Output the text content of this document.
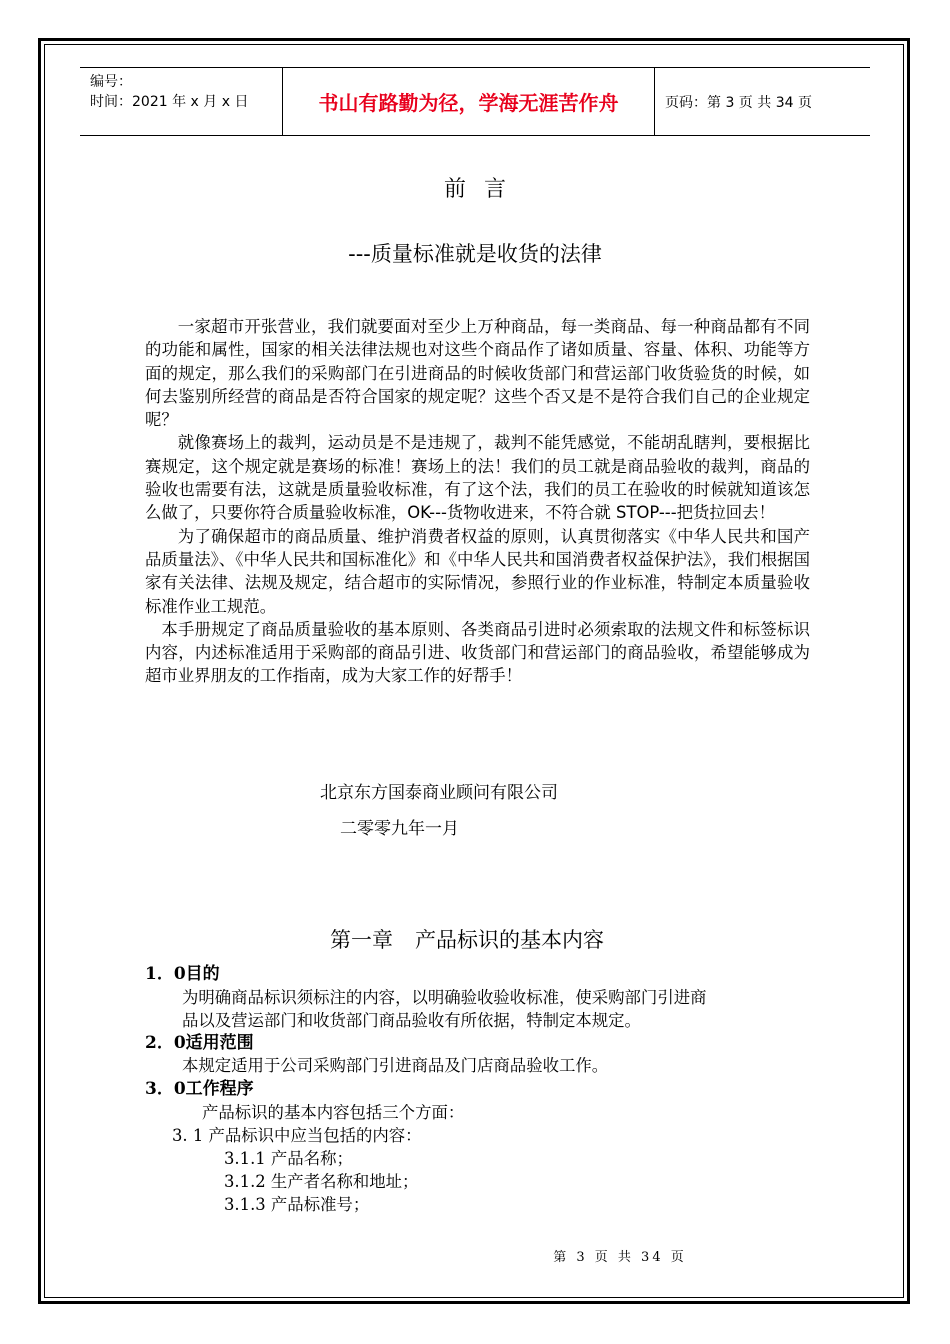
编号：
时间：2021 年 x 月 x 日	书山有路勤为径，学海无涯苦作舟	页码：第 3 页 共 34 页
前言
---质量标准就是收货的法律

一家超市开张营业，我们就要面对至少上万种商品，每一类商品、每一种商品都有不同的功能和属性，国家的相关法律法规也对这些个商品作了诸如质量、容量、体积、功能等方面的规定，那么我们的采购部门在引进商品的时候收货部门和营运部门收货验货的时候，如何去鉴别所经营的商品是否符合国家的规定呢？这些个否又是不是符合我们自己的企业规定呢？

就像赛场上的裁判，运动员是不是违规了，裁判不能凭感觉，不能胡乱瞎判，要根据比赛规定，这个规定就是赛场的标准！赛场上的法！我们的员工就是商品验收的裁判，商品的验收也需要有法，这就是质量验收标准，有了这个法，我们的员工在验收的时候就知道该怎么做了，只要你符合质量验收标准，OK---货物收进来，不符合就 STOP---把货拉回去！

为了确保超市的商品质量、维护消费者权益的原则，认真贯彻落实《中华人民共和国产品质量法》、《中华人民共和国标准化》和《中华人民共和国消费者权益保护法》，我们根据国家有关法律、法规及规定，结合超市的实际情况，参照行业的作业标准，特制定本质量验收标准作业工规范。

本手册规定了商品质量验收的基本原则、各类商品引进时必须索取的法规文件和标签标识内容，内述标准适用于采购部的商品引进、收货部门和营运部门的商品验收，希望能够成为超市业界朋友的工作指南，成为大家工作的好帮手！

北京东方国泰商业顾问有限公司
二零零九年一月
第一章 产品标识的基本内容
1．0目的
为明确商品标识须标注的内容，以明确验收验收标准，使采购部门引进商
品以及营运部门和收货部门商品验收有所依据，特制定本规定。
2．0适用范围
本规定适用于公司采购部门引进商品及门店商品验收工作。
3．0工作程序
产品标识的基本内容包括三个方面：
3. 1 产品标识中应当包括的内容：
3.1.1 产品名称；
3.1.2 生产者名称和地址；
3.1.3 产品标准号；
第 3 页 共 34 页
